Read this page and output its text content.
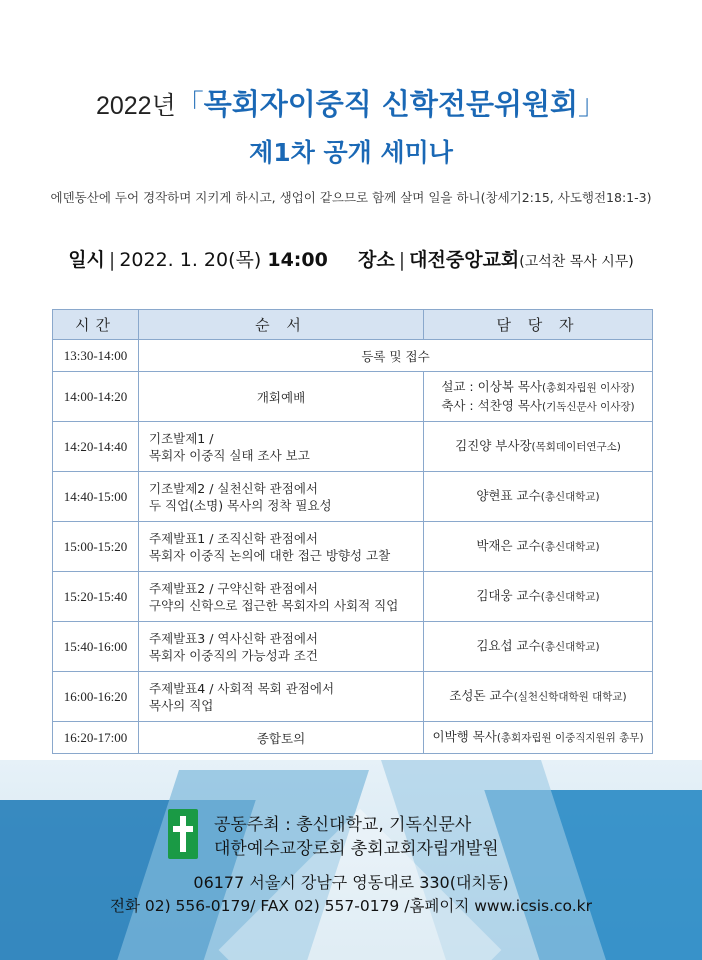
2022년「목회자이중직 신학전문위원회」
제1차 공개 세미나
에덴동산에 두어 경작하며 지키게 하시고, 생업이 같으므로 함께 살며 일을 하니(창세기2:15, 사도행전18:1-3)
일시 | 2022. 1. 20(목) 14:00 장소 | 대전중앙교회(고석찬 목사 시무)
시간	순 서	담 당 자
13:30-14:00	등록 및 접수	
14:00-14:20	개회예배	설교 : 이상복 목사(총회자립원 이사장)
축사 : 석찬영 목사(기독신문사 이사장)

14:20-14:40	기조발제1 /
목회자 이중직 실태 조사 보고	김진양 부사장(목회데이터연구소)
14:40-15:00	기조발제2 / 실천신학 관점에서
두 직업(소명) 목사의 정착 필요성	양현표 교수(총신대학교)
15:00-15:20	주제발표1 / 조직신학 관점에서
목회자 이중직 논의에 대한 접근 방향성 고찰	박재은 교수(총신대학교)
15:20-15:40	주제발표2 / 구약신학 관점에서
구약의 신학으로 접근한 목회자의 사회적 직업	김대웅 교수(총신대학교)
15:40-16:00	주제발표3 / 역사신학 관점에서
목회자 이중직의 가능성과 조건	김요섭 교수(총신대학교)
16:00-16:20	주제발표4 / 사회적 목회 관점에서
목사의 직업	조성돈 교수(실천신학대학원 대학교)
16:20-17:00	종합토의	이박행 목사(총회자립원 이중직지원위 총무)
공동주최 : 총신대학교, 기독신문사
대한예수교장로회 총회교회자립개발원
06177 서울시 강남구 영동대로 330(대치동)
전화 02) 556-0179/ FAX 02) 557-0179 /홈페이지 www.icsis.co.kr
